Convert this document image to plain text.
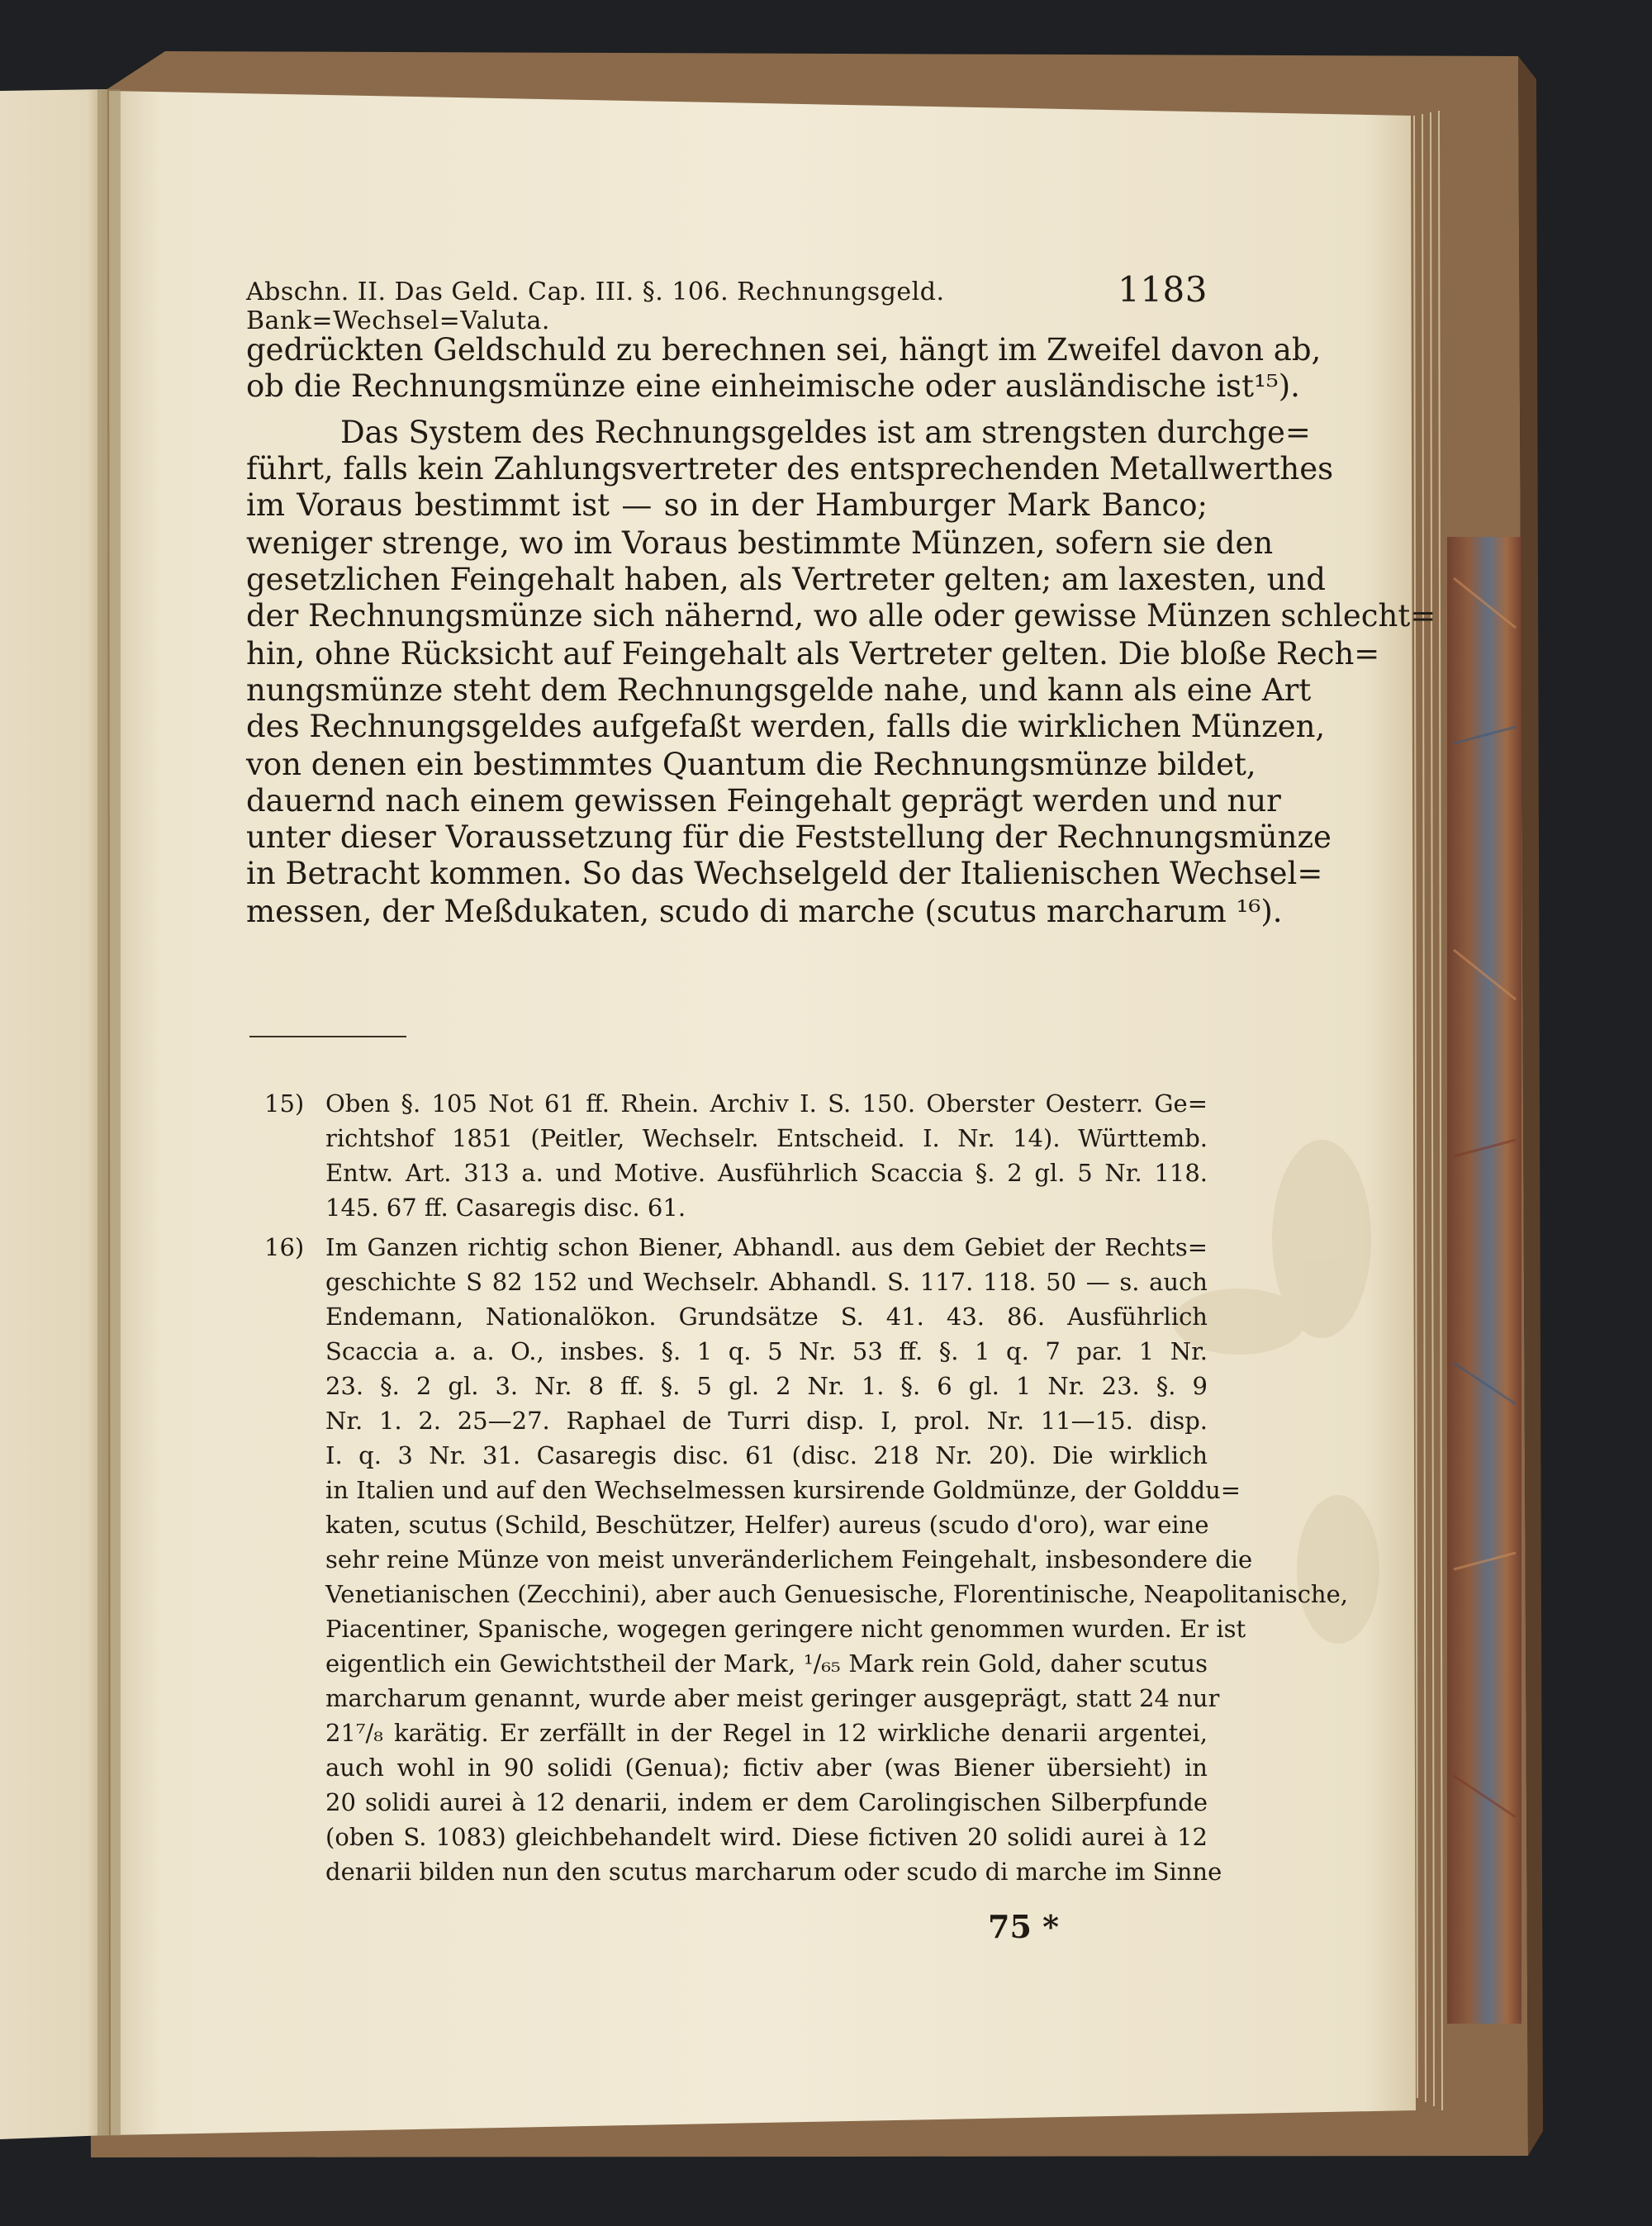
Abschn. II. Das Geld. Cap. III. §. 106. Rechnungsgeld. Bank=Wechsel=Valuta.
1183
gedrückten Geldschuld zu berechnen sei, hängt im Zweifel davon ab,
ob die Rechnungsmünze eine einheimische oder ausländische ist¹⁵).
Das System des Rechnungsgeldes ist am strengsten durchge=
führt, falls kein Zahlungsvertreter des entsprechenden Metallwerthes
im Voraus bestimmt ist — so in der Hamburger Mark Banco;
weniger strenge, wo im Voraus bestimmte Münzen, sofern sie den
gesetzlichen Feingehalt haben, als Vertreter gelten; am laxesten, und
der Rechnungsmünze sich nähernd, wo alle oder gewisse Münzen schlecht=
hin, ohne Rücksicht auf Feingehalt als Vertreter gelten. Die bloße Rech=
nungsmünze steht dem Rechnungsgelde nahe, und kann als eine Art
des Rechnungsgeldes aufgefaßt werden, falls die wirklichen Münzen,
von denen ein bestimmtes Quantum die Rechnungsmünze bildet,
dauernd nach einem gewissen Feingehalt geprägt werden und nur
unter dieser Voraussetzung für die Feststellung der Rechnungsmünze
in Betracht kommen. So das Wechselgeld der Italienischen Wechsel=
messen, der Meßdukaten, scudo di marche (scutus marcharum ¹⁶).
15) Oben §. 105 Not 61 ff. Rhein. Archiv I. S. 150. Oberster Oesterr. Ge=
richtshof 1851 (Peitler, Wechselr. Entscheid. I. Nr. 14). Württemb.
Entw. Art. 313 a. und Motive. Ausführlich Scaccia §. 2 gl. 5 Nr. 118.
145. 67 ff. Casaregis disc. 61.
16) Im Ganzen richtig schon Biener, Abhandl. aus dem Gebiet der Rechts=
geschichte S 82 152 und Wechselr. Abhandl. S. 117. 118. 50 — s. auch
Endemann, Nationalökon. Grundsätze S. 41. 43. 86. Ausführlich
Scaccia a. a. O., insbes. §. 1 q. 5 Nr. 53 ff. §. 1 q. 7 par. 1 Nr.
23. §. 2 gl. 3. Nr. 8 ff. §. 5 gl. 2 Nr. 1. §. 6 gl. 1 Nr. 23. §. 9
Nr. 1. 2. 25—27. Raphael de Turri disp. I, prol. Nr. 11—15. disp.
I. q. 3 Nr. 31. Casaregis disc. 61 (disc. 218 Nr. 20). Die wirklich
in Italien und auf den Wechselmessen kursirende Goldmünze, der Golddu=
katen, scutus (Schild, Beschützer, Helfer) aureus (scudo d'oro), war eine
sehr reine Münze von meist unveränderlichem Feingehalt, insbesondere die
Venetianischen (Zecchini), aber auch Genuesische, Florentinische, Neapolitanische,
Piacentiner, Spanische, wogegen geringere nicht genommen wurden. Er ist
eigentlich ein Gewichtstheil der Mark, ¹/₆₅ Mark rein Gold, daher scutus
marcharum genannt, wurde aber meist geringer ausgeprägt, statt 24 nur
21⁷/₈ karätig. Er zerfällt in der Regel in 12 wirkliche denarii argentei,
auch wohl in 90 solidi (Genua); fictiv aber (was Biener übersieht) in
20 solidi aurei à 12 denarii, indem er dem Carolingischen Silberpfunde
(oben S. 1083) gleichbehandelt wird. Diese fictiven 20 solidi aurei à 12
denarii bilden nun den scutus marcharum oder scudo di marche im Sinne
75 *
